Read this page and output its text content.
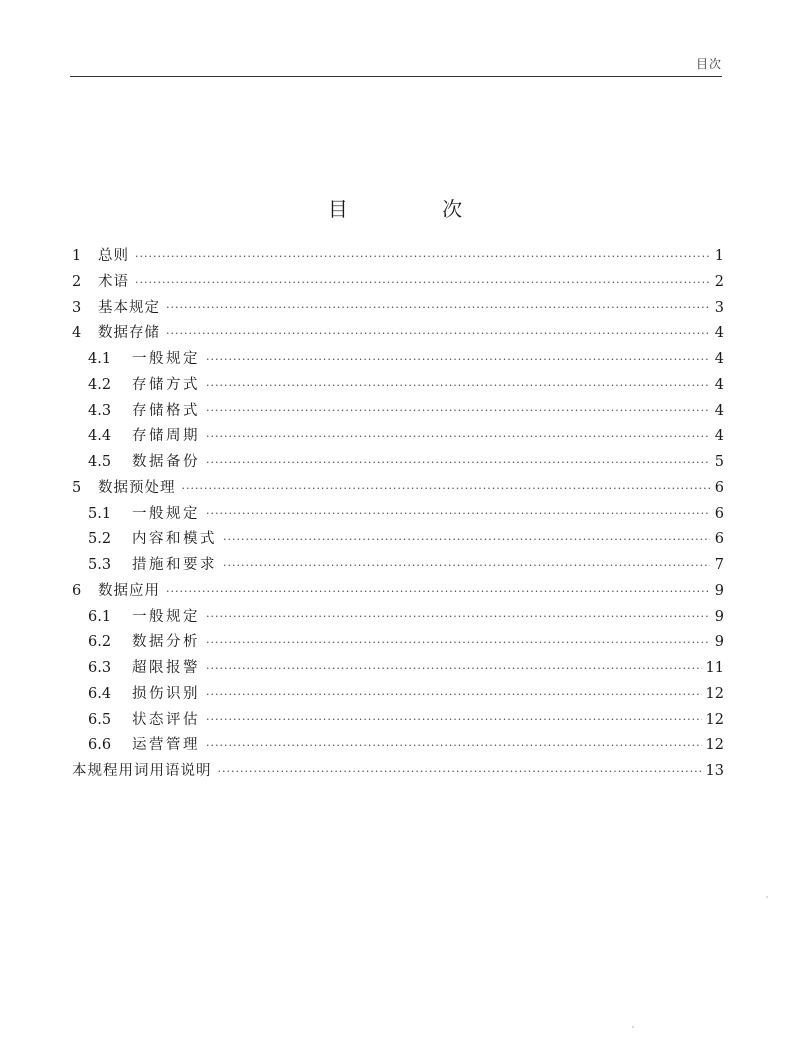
目次
目 次
1	总则 ·····	1
2	术语 ·····	2
3	基本规定 ·····	3
4	数据存储 ·····	4
4.1	一般规定 ·····	4
4.2	存储方式 ·····	4
4.3	存储格式 ·····	4
4.4	存储周期 ·····	4
4.5	数据备份 ·····	5
5	数据预处理 ·····	6
5.1	一般规定 ·····	6
5.2	内容和模式 ·····	6
5.3	措施和要求 ·····	7
6	数据应用 ·····	9
6.1	一般规定 ·····	9
6.2	数据分析 ·····	9
6.3	超限报警 ·····	11
6.4	损伤识别 ·····	12
6.5	状态评估 ·····	12
6.6	运营管理 ·····	12
本规程用词用语说明 ·····	13
